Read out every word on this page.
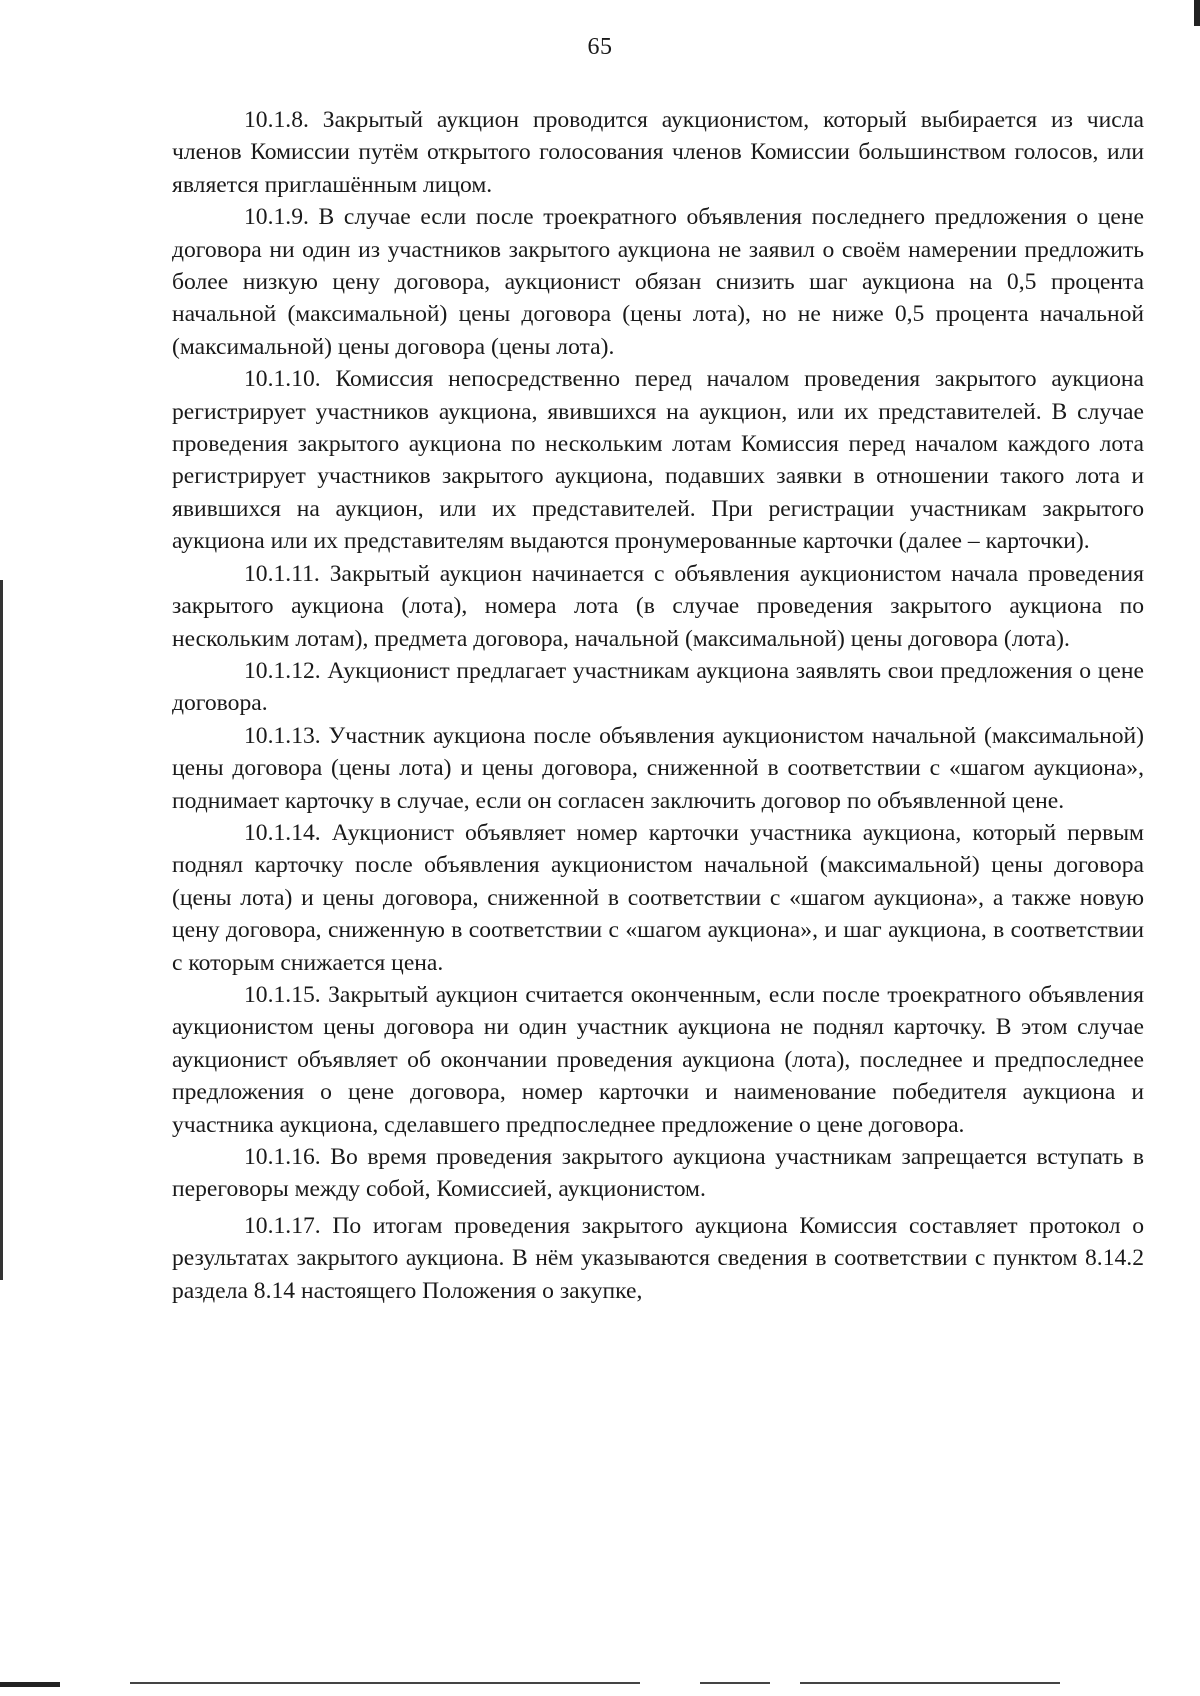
65

10.1.8. Закрытый аукцион проводится аукционистом, который выбирается из числа членов Комиссии путём открытого голосования членов Комиссии большинством голосов, или является приглашённым лицом.

10.1.9. В случае если после троекратного объявления последнего предложения о цене договора ни один из участников закрытого аукциона не заявил о своём намерении предложить более низкую цену договора, аукционист обязан снизить шаг аукциона на 0,5 процента начальной (максимальной) цены договора (цены лота), но не ниже 0,5 процента начальной (максимальной) цены договора (цены лота).

10.1.10. Комиссия непосредственно перед началом проведения закрытого аукциона регистрирует участников аукциона, явившихся на аукцион, или их представителей. В случае проведения закрытого аукциона по нескольким лотам Комиссия перед началом каждого лота регистрирует участников закрытого аукциона, подавших заявки в отношении такого лота и явившихся на аукцион, или их представителей. При регистрации участникам закрытого аукциона или их представителям выдаются пронумерованные карточки (далее – карточки).

10.1.11. Закрытый аукцион начинается с объявления аукционистом начала проведения закрытого аукциона (лота), номера лота (в случае проведения закрытого аукциона по нескольким лотам), предмета договора, начальной (максимальной) цены договора (лота).

10.1.12. Аукционист предлагает участникам аукциона заявлять свои предложения о цене договора.

10.1.13. Участник аукциона после объявления аукционистом начальной (максимальной) цены договора (цены лота) и цены договора, сниженной в соответствии с «шагом аукциона», поднимает карточку в случае, если он согласен заключить договор по объявленной цене.

10.1.14. Аукционист объявляет номер карточки участника аукциона, который первым поднял карточку после объявления аукционистом начальной (максимальной) цены договора (цены лота) и цены договора, сниженной в соответствии с «шагом аукциона», а также новую цену договора, сниженную в соответствии с «шагом аукциона», и шаг аукциона, в соответствии с которым снижается цена.

10.1.15. Закрытый аукцион считается оконченным, если после троекратного объявления аукционистом цены договора ни один участник аукциона не поднял карточку. В этом случае аукционист объявляет об окончании проведения аукциона (лота), последнее и предпоследнее предложения о цене договора, номер карточки и наименование победителя аукциона и участника аукциона, сделавшего предпоследнее предложение о цене договора.

10.1.16. Во время проведения закрытого аукциона участникам запрещается вступать в переговоры между собой, Комиссией, аукционистом.

10.1.17. По итогам проведения закрытого аукциона Комиссия составляет протокол о результатах закрытого аукциона. В нём указываются сведения в соответствии с пунктом 8.14.2 раздела 8.14 настоящего Положения о закупке,
